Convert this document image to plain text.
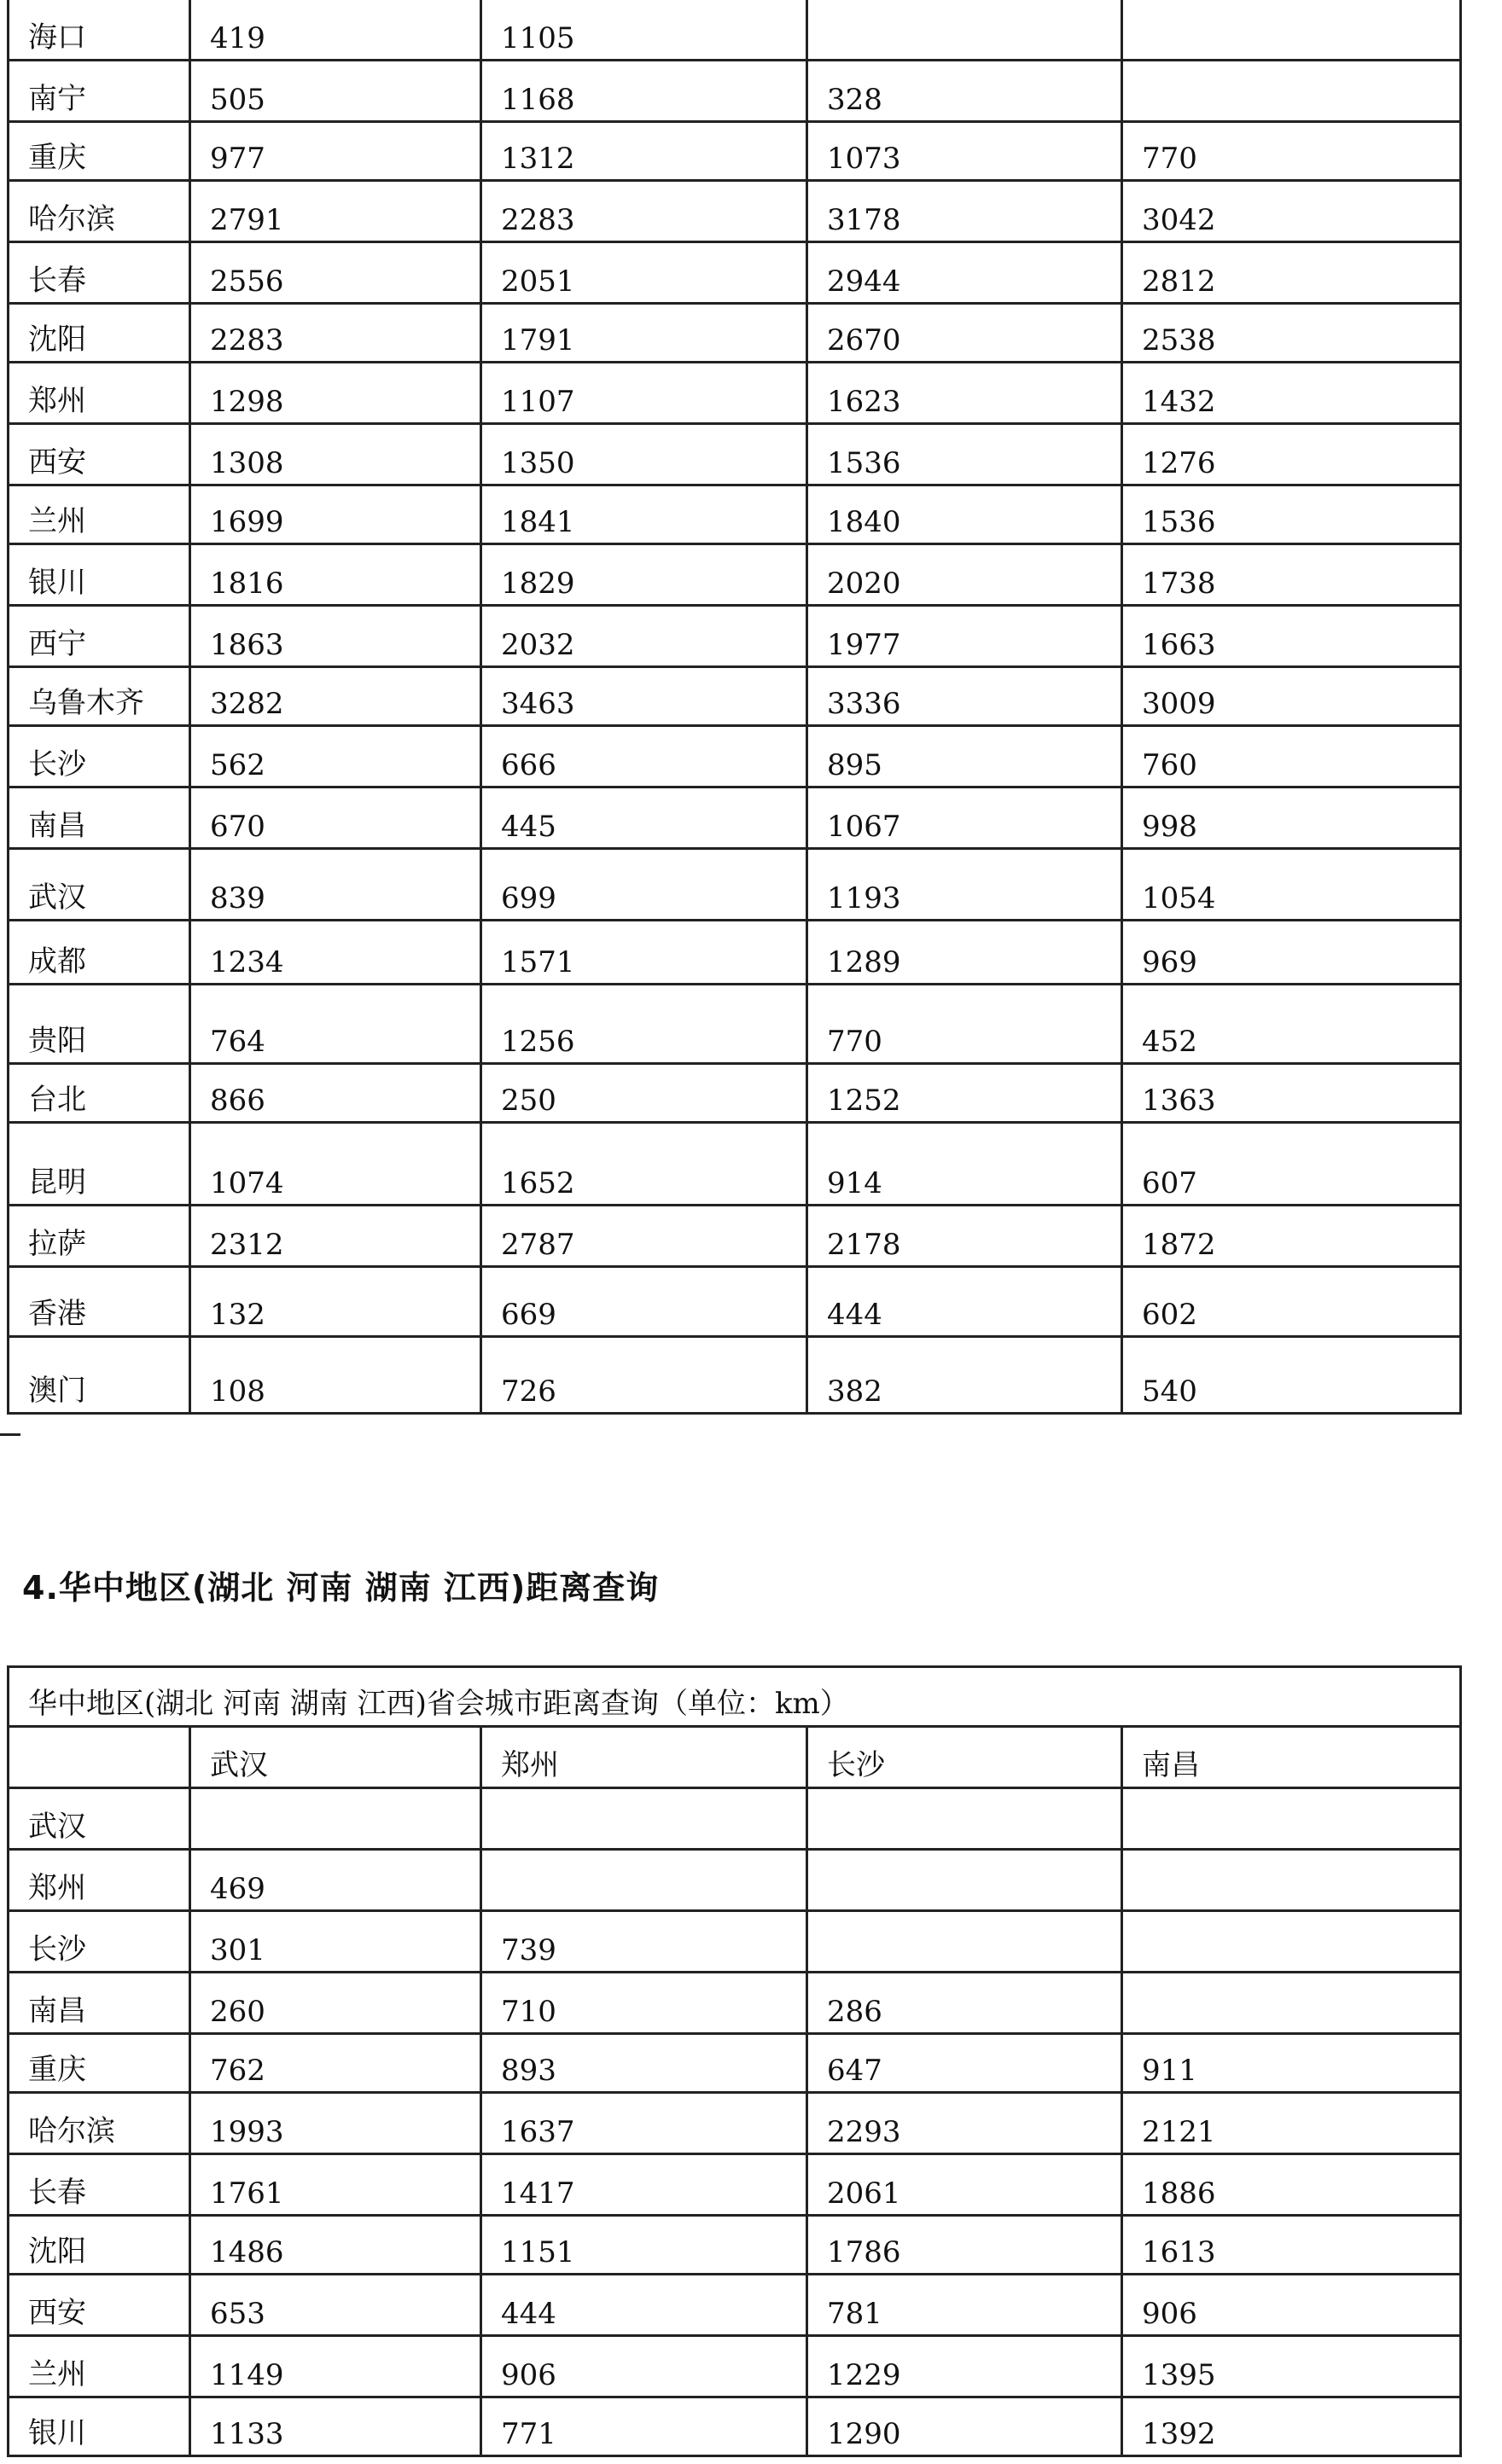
海口	419	1105		
南宁	505	1168	328	
重庆	977	1312	1073	770
哈尔滨	2791	2283	3178	3042
长春	2556	2051	2944	2812
沈阳	2283	1791	2670	2538
郑州	1298	1107	1623	1432
西安	1308	1350	1536	1276
兰州	1699	1841	1840	1536
银川	1816	1829	2020	1738
西宁	1863	2032	1977	1663
乌鲁木齐	3282	3463	3336	3009
长沙	562	666	895	760
南昌	670	445	1067	998
武汉	839	699	1193	1054
成都	1234	1571	1289	969
贵阳	764	1256	770	452
台北	866	250	1252	1363
昆明	1074	1652	914	607
拉萨	2312	2787	2178	1872
香港	132	669	444	602
澳门	108	726	382	540
4.华中地区(湖北 河南 湖南 江西)距离查询
华中地区(湖北 河南 湖南 江西)省会城市距离查询（单位：km）				
	武汉	郑州	长沙	南昌
武汉				
郑州	469			
长沙	301	739		
南昌	260	710	286	
重庆	762	893	647	911
哈尔滨	1993	1637	2293	2121
长春	1761	1417	2061	1886
沈阳	1486	1151	1786	1613
西安	653	444	781	906
兰州	1149	906	1229	1395
银川	1133	771	1290	1392
